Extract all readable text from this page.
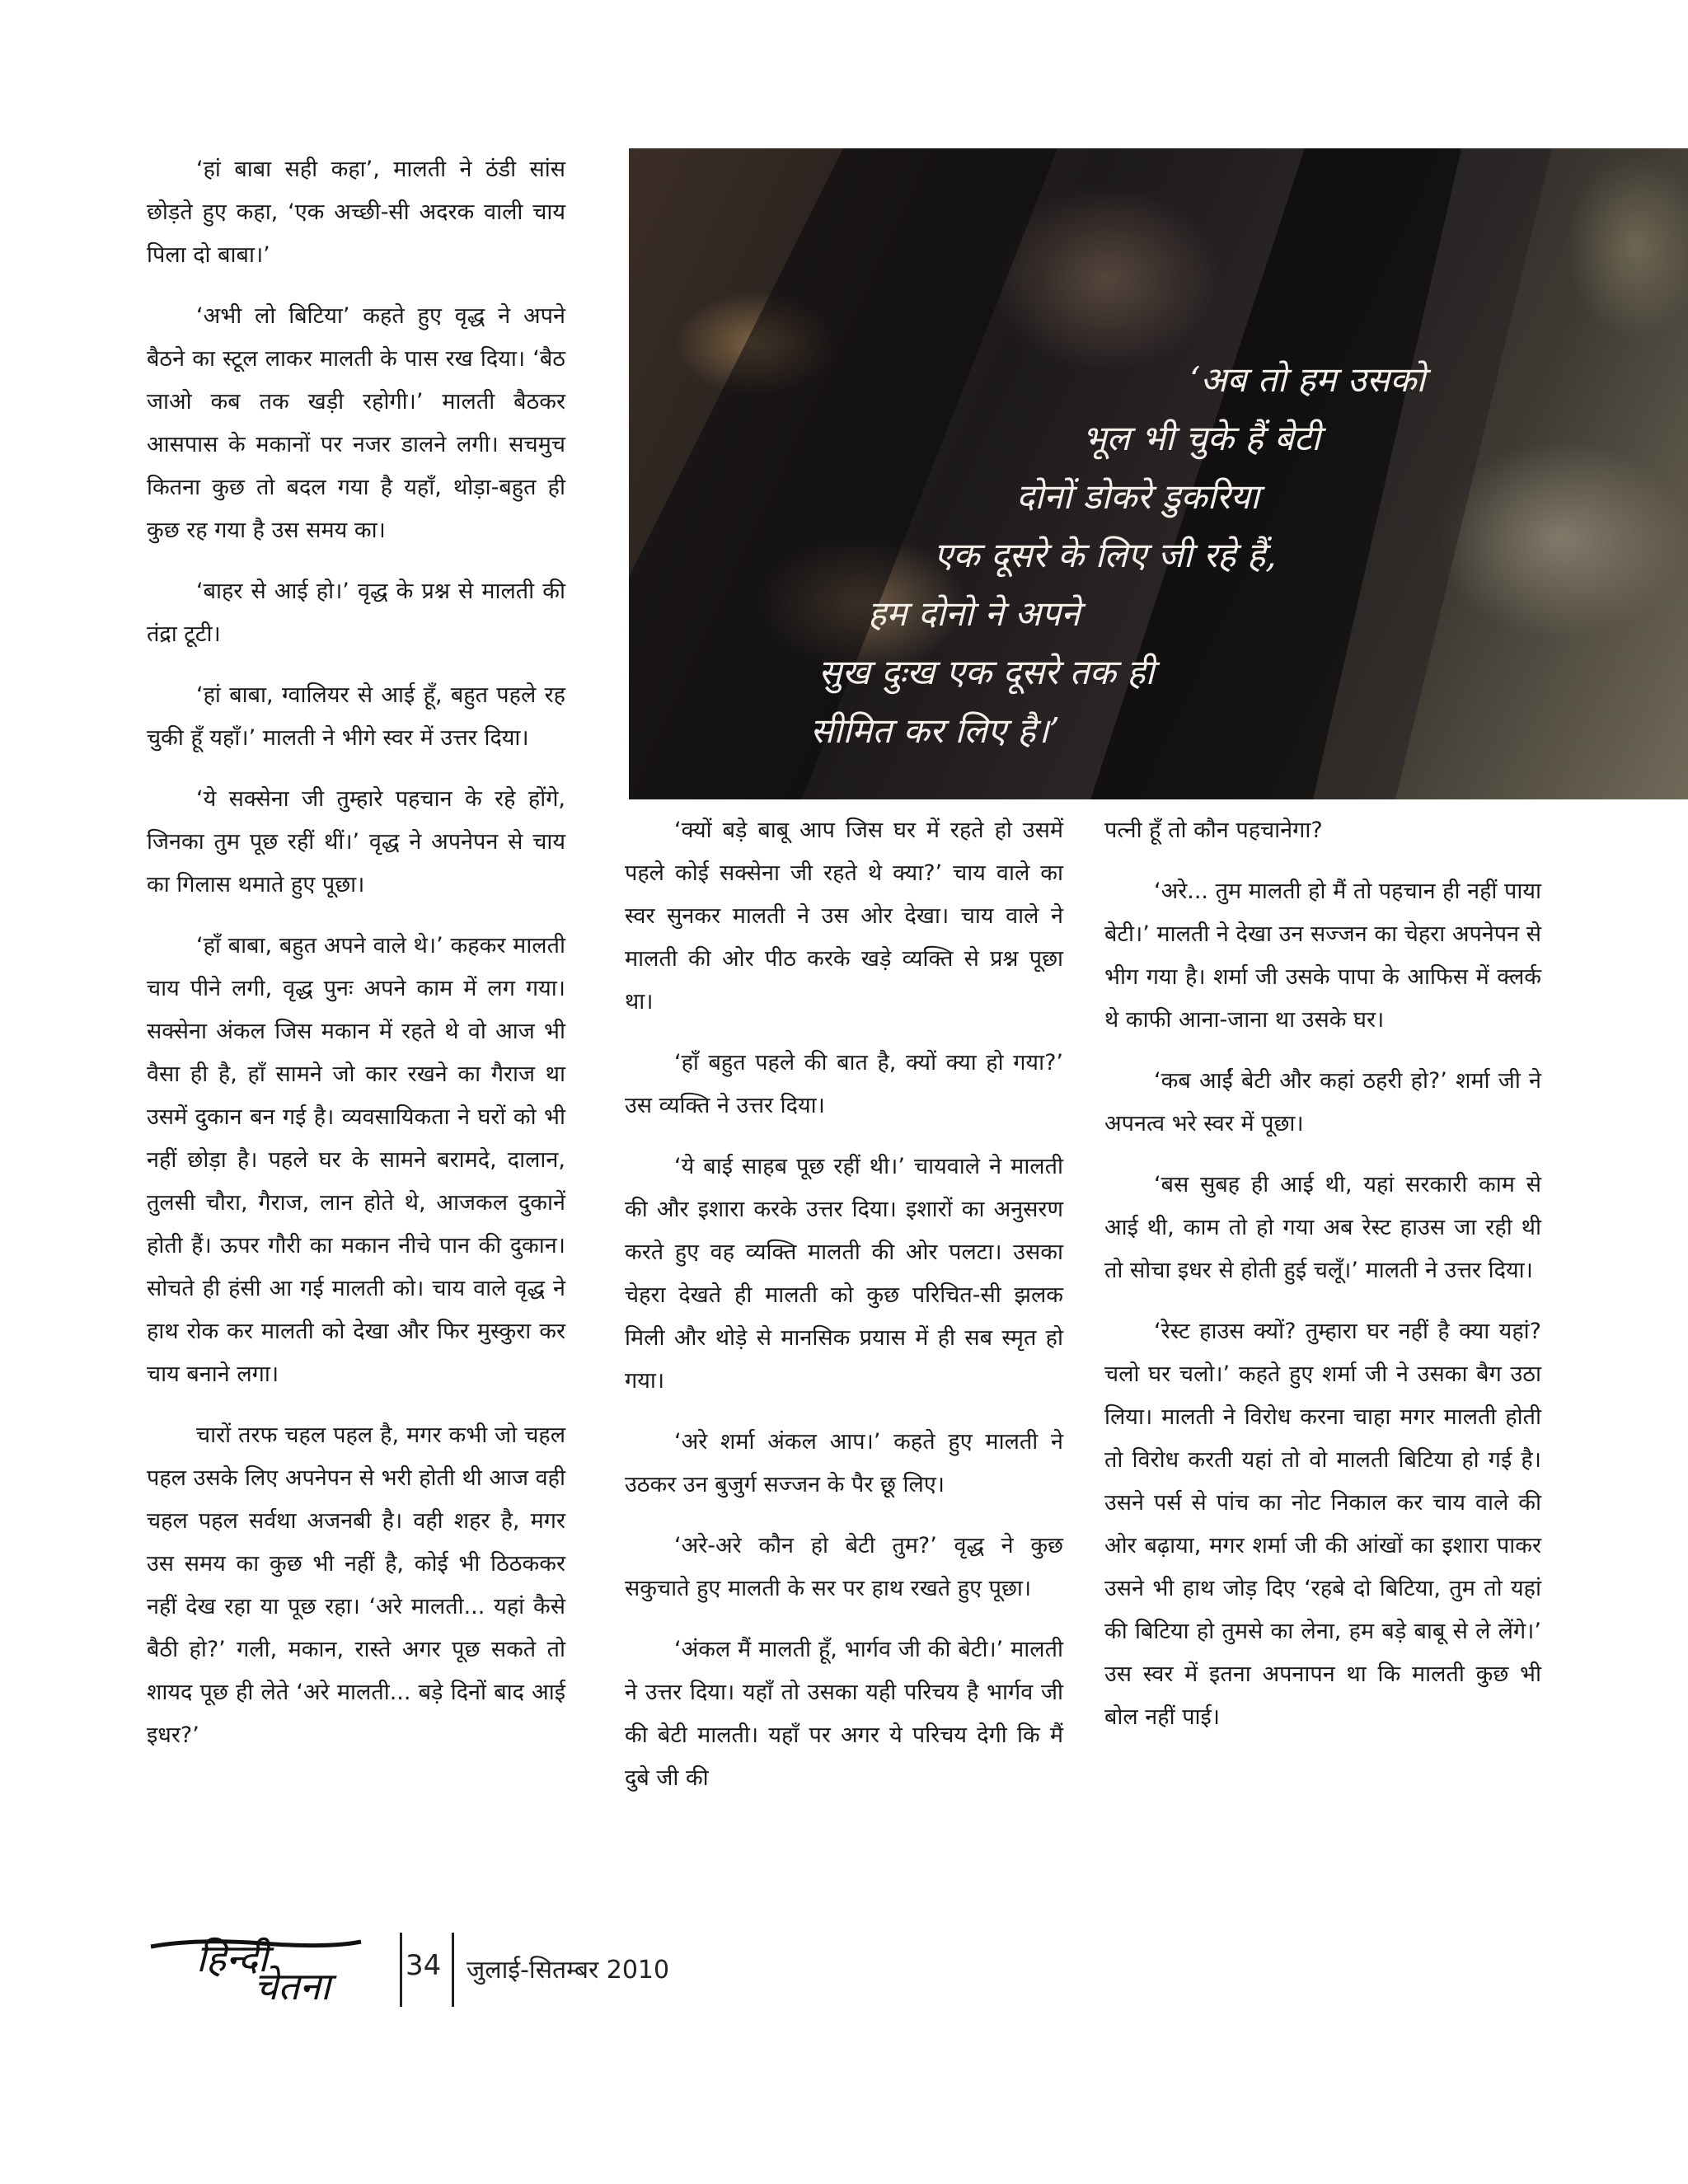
‘हां बाबा सही कहा’, मालती ने ठंडी सांस छोड़ते हुए कहा, ‘एक अच्छी-सी अदरक वाली चाय पिला दो बाबा।’

‘अभी लो बिटिया’ कहते हुए वृद्ध ने अपने बैठने का स्टूल लाकर मालती के पास रख दिया। ‘बैठ जाओ कब तक खड़ी रहोगी।’ मालती बैठकर आसपास के मकानों पर नजर डालने लगी। सचमुच कितना कुछ तो बदल गया है यहाँ, थोड़ा-बहुत ही कुछ रह गया है उस समय का।

‘बाहर से आई हो।’ वृद्ध के प्रश्न से मालती की तंद्रा टूटी।

‘हां बाबा, ग्वालियर से आई हूँ, बहुत पहले रह चुकी हूँ यहाँ।’ मालती ने भीगे स्वर में उत्तर दिया।

‘ये सक्सेना जी तुम्हारे पहचान के रहे होंगे, जिनका तुम पूछ रहीं थीं।’ वृद्ध ने अपनेपन से चाय का गिलास थमाते हुए पूछा।

‘हाँ बाबा, बहुत अपने वाले थे।’ कहकर मालती चाय पीने लगी, वृद्ध पुनः अपने काम में लग गया। सक्सेना अंकल जिस मकान में रहते थे वो आज भी वैसा ही है, हाँ सामने जो कार रखने का गैराज था उसमें दुकान बन गई है। व्यवसायिकता ने घरों को भी नहीं छोड़ा है। पहले घर के सामने बरामदे, दालान, तुलसी चौरा, गैराज, लान होते थे, आजकल दुकानें होती हैं। ऊपर गौरी का मकान नीचे पान की दुकान। सोचते ही हंसी आ गई मालती को। चाय वाले वृद्ध ने हाथ रोक कर मालती को देखा और फिर मुस्कुरा कर चाय बनाने लगा।

चारों तरफ चहल पहल है, मगर कभी जो चहल पहल उसके लिए अपनेपन से भरी होती थी आज वही चहल पहल सर्वथा अजनबी है। वही शहर है, मगर उस समय का कुछ भी नहीं है, कोई भी ठिठककर नहीं देख रहा या पूछ रहा। ‘अरे मालती... यहां कैसे बैठी हो?’ गली, मकान, रास्ते अगर पूछ सकते तो शायद पूछ ही लेते ‘अरे मालती... बड़े दिनों बाद आई इधर?’

‘अब तो हम उसको
भूल भी चुके हैं बेटी
दोनों डोकरे डुकरिया
एक दूसरे के लिए जी रहे हैं,
हम दोनो ने अपने
सुख दुःख एक दूसरे तक ही
सीमित कर लिए है।’

‘क्यों बड़े बाबू आप जिस घर में रहते हो उसमें पहले कोई सक्सेना जी रहते थे क्या?’ चाय वाले का स्वर सुनकर मालती ने उस ओर देखा। चाय वाले ने मालती की ओर पीठ करके खड़े व्यक्ति से प्रश्न पूछा था।

‘हाँ बहुत पहले की बात है, क्यों क्या हो गया?’ उस व्यक्ति ने उत्तर दिया।

‘ये बाई साहब पूछ रहीं थी।’ चायवाले ने मालती की और इशारा करके उत्तर दिया। इशारों का अनुसरण करते हुए वह व्यक्ति मालती की ओर पलटा। उसका चेहरा देखते ही मालती को कुछ परिचित-सी झलक मिली और थोड़े से मानसिक प्रयास में ही सब स्मृत हो गया।

‘अरे शर्मा अंकल आप।’ कहते हुए मालती ने उठकर उन बुजुर्ग सज्जन के पैर छू लिए।

‘अरे-अरे कौन हो बेटी तुम?’ वृद्ध ने कुछ सकुचाते हुए मालती के सर पर हाथ रखते हुए पूछा।

‘अंकल मैं मालती हूँ, भार्गव जी की बेटी।’ मालती ने उत्तर दिया। यहाँ तो उसका यही परिचय है भार्गव जी की बेटी मालती। यहाँ पर अगर ये परिचय देगी कि मैं दुबे जी की

पत्नी हूँ तो कौन पहचानेगा?

‘अरे... तुम मालती हो मैं तो पहचान ही नहीं पाया बेटी।’ मालती ने देखा उन सज्जन का चेहरा अपनेपन से भीग गया है। शर्मा जी उसके पापा के आफिस में क्लर्क थे काफी आना-जाना था उसके घर।

‘कब आईं बेटी और कहां ठहरी हो?’ शर्मा जी ने अपनत्व भरे स्वर में पूछा।

‘बस सुबह ही आई थी, यहां सरकारी काम से आई थी, काम तो हो गया अब रेस्ट हाउस जा रही थी तो सोचा इधर से होती हुई चलूँ।’ मालती ने उत्तर दिया।

‘रेस्ट हाउस क्यों? तुम्हारा घर नहीं है क्या यहां? चलो घर चलो।’ कहते हुए शर्मा जी ने उसका बैग उठा लिया। मालती ने विरोध करना चाहा मगर मालती होती तो विरोध करती यहां तो वो मालती बिटिया हो गई है। उसने पर्स से पांच का नोट निकाल कर चाय वाले की ओर बढ़ाया, मगर शर्मा जी की आंखों का इशारा पाकर उसने भी हाथ जोड़ दिए ‘रहबे दो बिटिया, तुम तो यहां की बिटिया हो तुमसे का लेना, हम बड़े बाबू से ले लेंगे।’ उस स्वर में इतना अपनापन था कि मालती कुछ भी बोल नहीं पाई।

हिन्दी
चेतना	34 जुलाई-सितम्बर 2010
